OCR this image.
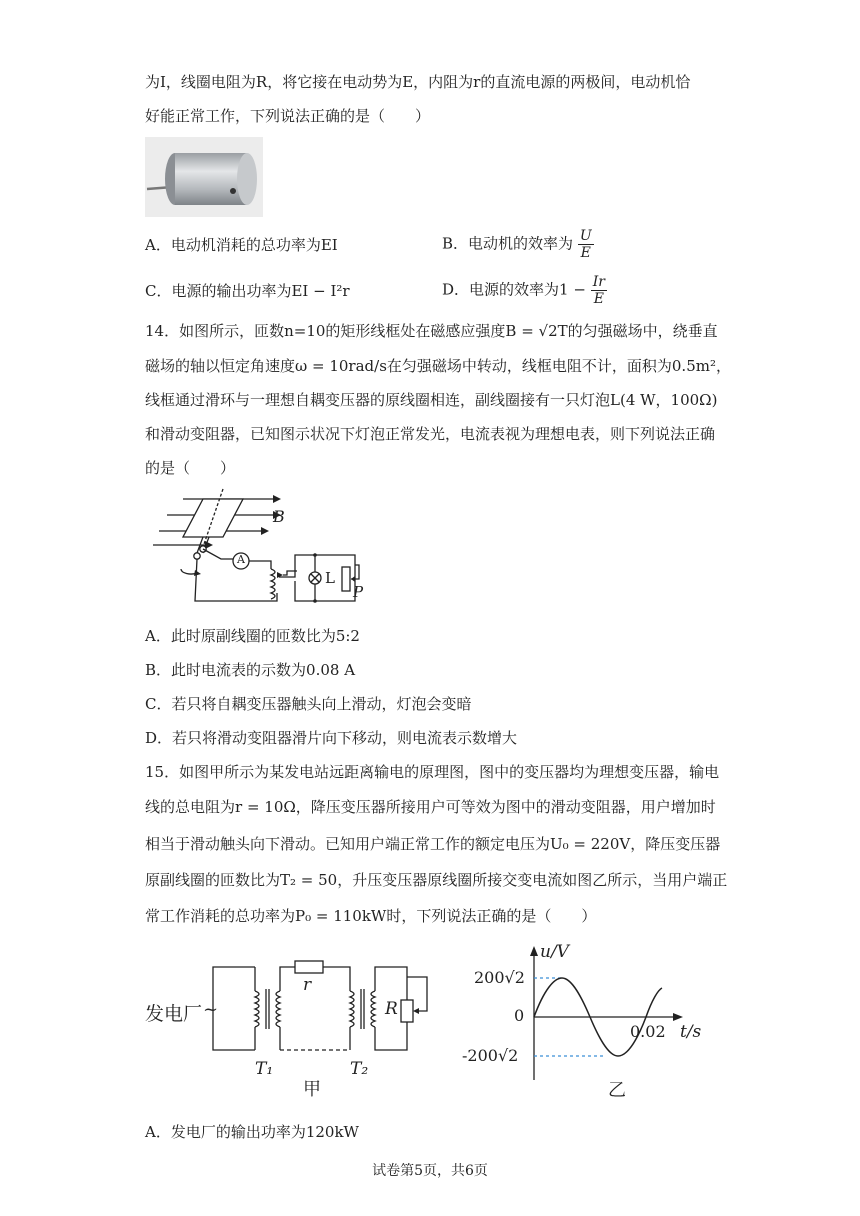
为I，线圈电阻为R，将它接在电动势为E，内阻为r的直流电源的两极间，电动机恰
好能正常工作，下列说法正确的是（　　）
A．电动机消耗的总功率为EI	B．电动机的效率为 $\frac{U}{E}$
C．电源的输出功率为EI − I²r	D．电源的效率为$1 - \frac{Ir}{E}$
14．如图所示，匝数n=10的矩形线框处在磁感应强度B = √2T的匀强磁场中，绕垂直
磁场的轴以恒定角速度ω = 10rad/s在匀强磁场中转动，线框电阻不计，面积为0.5m²，
线框通过滑环与一理想自耦变压器的原线圈相连，副线圈接有一只灯泡L(4 W，100Ω)
和滑动变阻器，已知图示状况下灯泡正常发光，电流表视为理想电表，则下列说法正确
的是（　　）
B
A
L
P
A．此时原副线圈的匝数比为5:2
B．此时电流表的示数为0.08 A
C．若只将自耦变压器触头向上滑动，灯泡会变暗
D．若只将滑动变阻器滑片向下移动，则电流表示数增大
15．如图甲所示为某发电站远距离输电的原理图，图中的变压器均为理想变压器，输电
线的总电阻为r = 10Ω，降压变压器所接用户可等效为图中的滑动变阻器，用户增加时
相当于滑动触头向下滑动。已知用户端正常工作的额定电压为U₀ = 220V，降压变压器
原副线圈的匝数比为T₂ = 50，升压变压器原线圈所接交变电流如图乙所示，当用户端正
常工作消耗的总功率为P₀ = 110kW时，下列说法正确的是（　　）
发电厂 ~
r
R
T₁	T₂
甲
u/V
200√2
0
-200√2
0.02 t/s
乙
A．发电厂的输出功率为120kW
试卷第5页，共6页
